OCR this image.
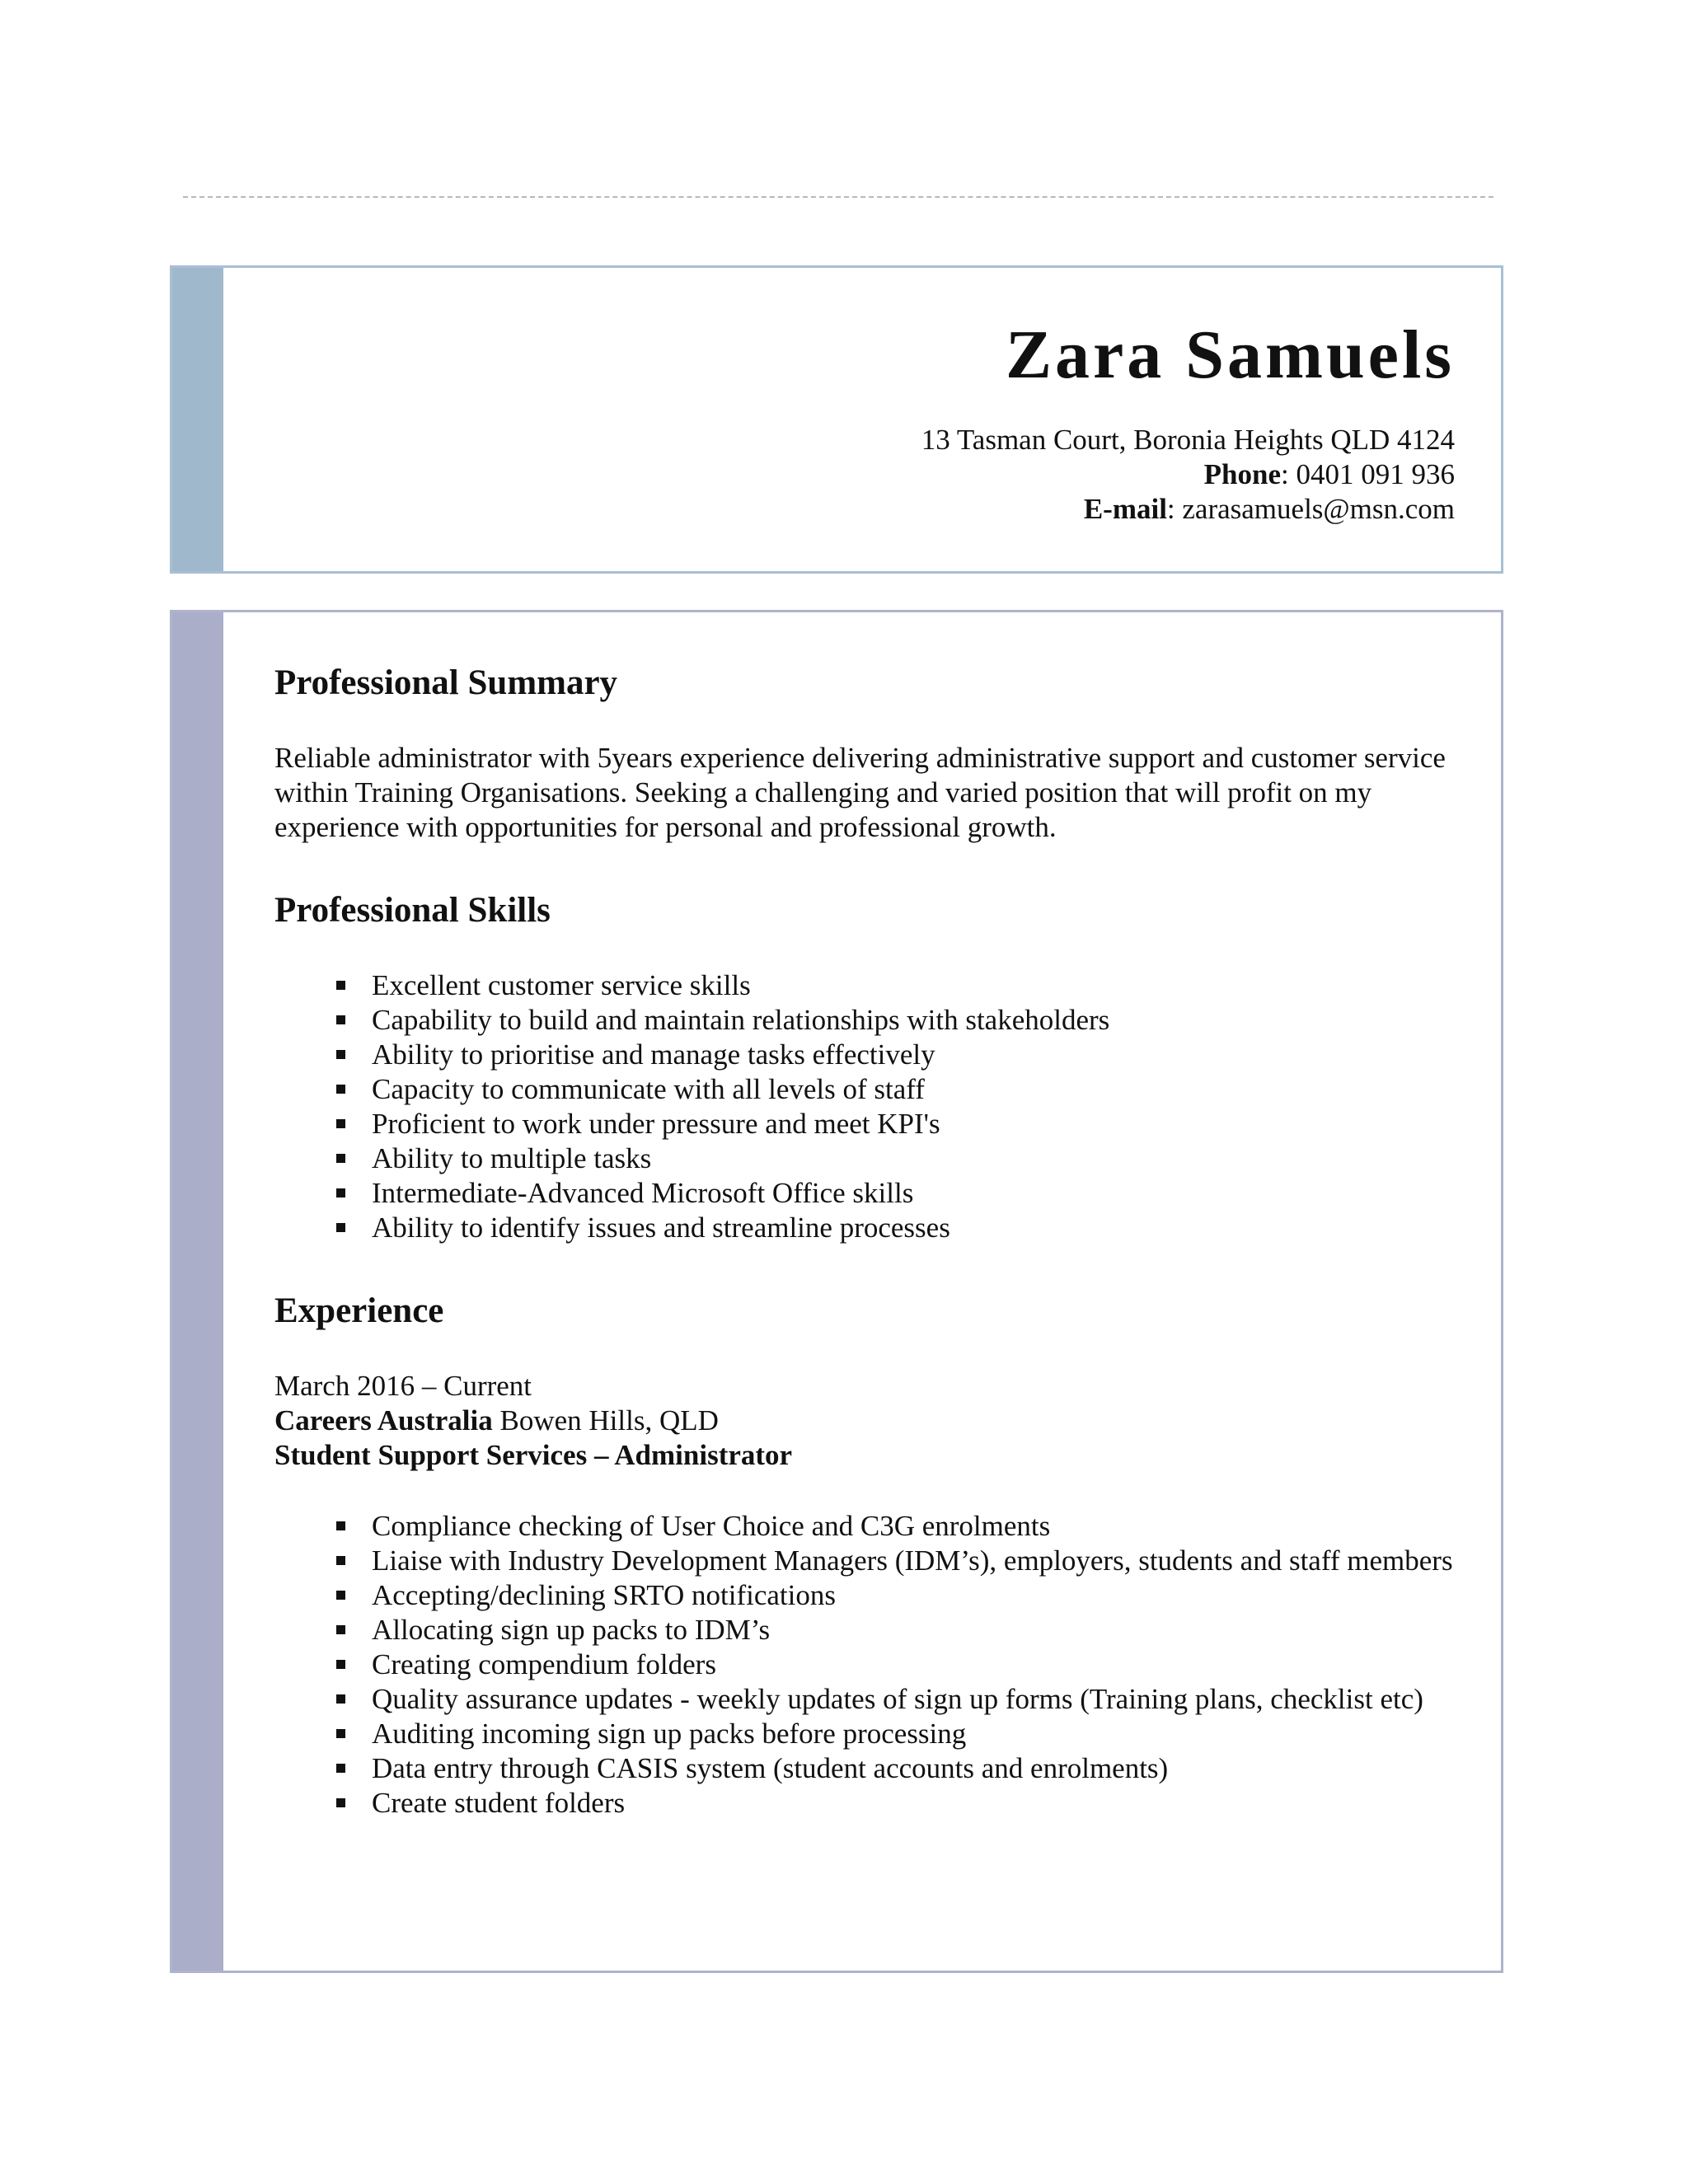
Zara Samuels
13 Tasman Court, Boronia Heights QLD 4124
Phone: 0401 091 936
E-mail: zarasamuels@msn.com
Professional Summary

Reliable administrator with 5years experience delivering administrative support and customer service within Training Organisations. Seeking a challenging and varied position that will profit on my experience with opportunities for personal and professional growth.

Professional Skills
Excellent customer service skills
Capability to build and maintain relationships with stakeholders
Ability to prioritise and manage tasks effectively
Capacity to communicate with all levels of staff
Proficient to work under pressure and meet KPI's
Ability to multiple tasks
Intermediate-Advanced Microsoft Office skills
Ability to identify issues and streamline processes
Experience
March 2016 – Current
Careers Australia Bowen Hills, QLD
Student Support Services – Administrator
Compliance checking of User Choice and C3G enrolments
Liaise with Industry Development Managers (IDM’s), employers, students and staff members
Accepting/declining SRTO notifications
Allocating sign up packs to IDM’s
Creating compendium folders
Quality assurance updates - weekly updates of sign up forms (Training plans, checklist etc)
Auditing incoming sign up packs before processing
Data entry through CASIS system (student accounts and enrolments)
Create student folders
